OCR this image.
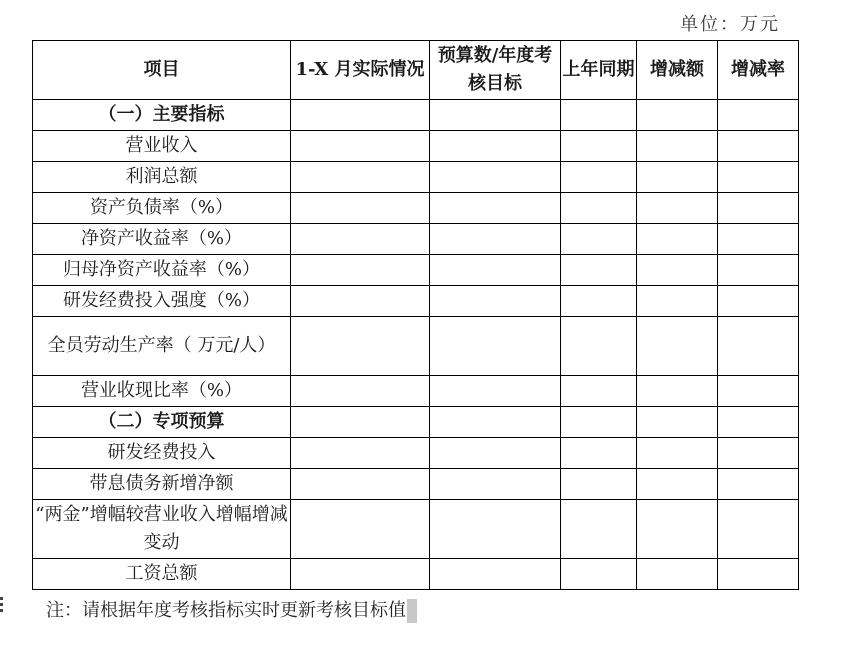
单位：万元
项目	1-X 月实际情况	预算数/年度考核目标	上年同期	增减额	增减率
（一）主要指标					
营业收入					
利润总额					
资产负债率（%）					
净资产收益率（%）					
归母净资产收益率（%）					
研发经费投入强度（%）					
全员劳动生产率（ 万元/人）					
营业收现比率（%）					
（二）专项预算					
研发经费投入					
带息债务新增净额					
“两金”增幅较营业收入增幅增减变动					
工资总额					
注：请根据年度考核指标实时更新考核目标值
